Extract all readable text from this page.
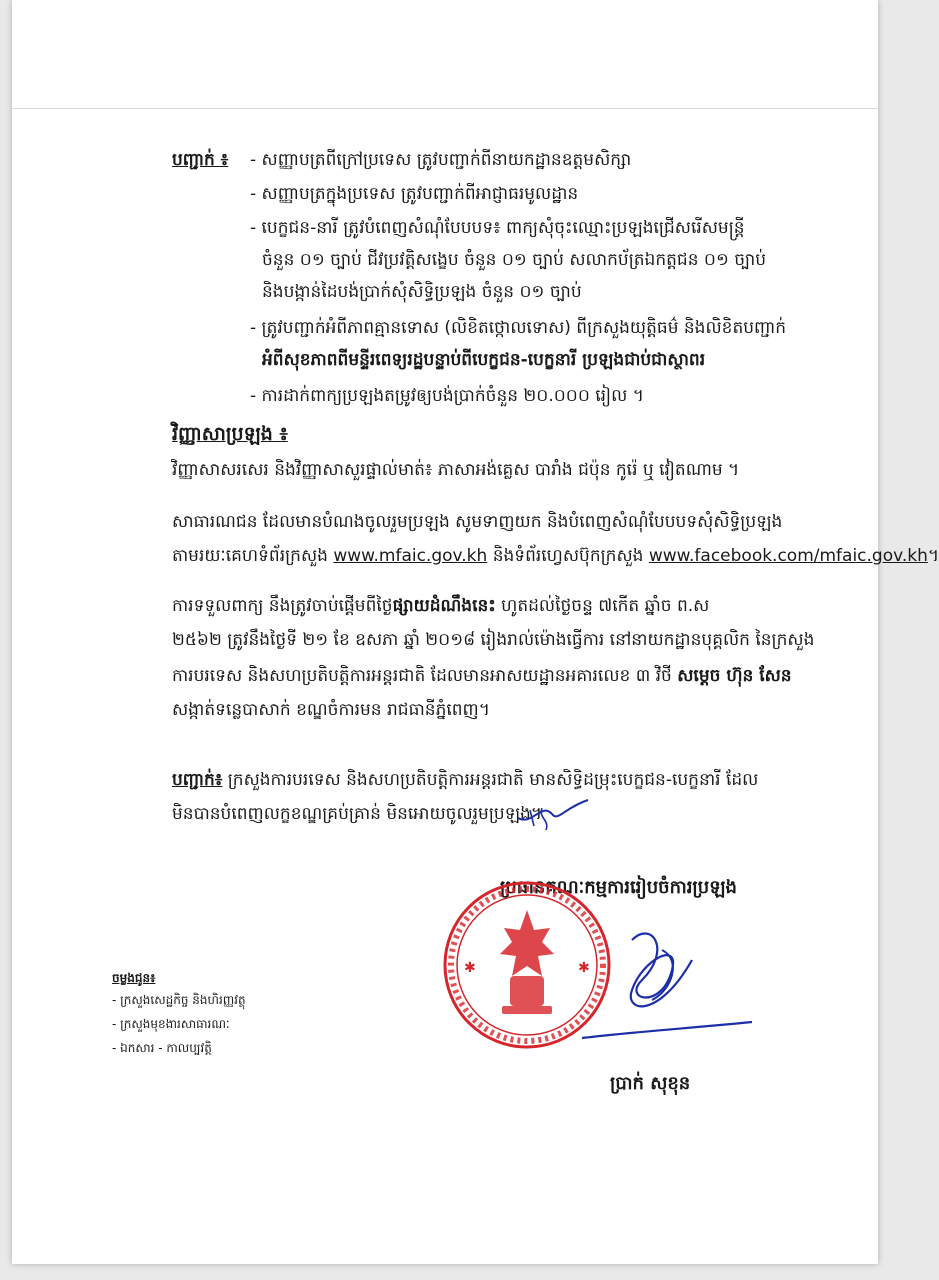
បញ្ជាក់ ៖ - សញ្ញាបត្រពីក្រៅប្រទេស ត្រូវបញ្ជាក់ពីនាយកដ្ឋានឧត្តមសិក្សា
- សញ្ញាបត្រក្នុងប្រទេស ត្រូវបញ្ជាក់ពីអាជ្ញាធរមូលដ្ឋាន
- បេក្ខជន-នារី ត្រូវបំពេញសំណុំបែបបទ៖ ពាក្យសុំចុះឈ្មោះប្រឡងជ្រើសរើសមន្ត្រី
ចំនួន ០១ ច្បាប់ ជីវប្រវត្តិសង្ខេប ចំនួន ០១ ច្បាប់ សលាកប័ត្រឯកត្តជន ០១ ច្បាប់
និងបង្កាន់ដៃបង់ប្រាក់សុំសិទ្ធិប្រឡង ចំនួន ០១ ច្បាប់
- ត្រូវបញ្ជាក់អំពីភាពគ្មានទោស (លិខិតថ្កោលទោស) ពីក្រសួងយុត្តិធម៌ និងលិខិតបញ្ជាក់
អំពីសុខភាពពីមន្ទីរពេទ្យរដ្ឋបន្ទាប់ពីបេក្ខជន-បេក្ខនារី ប្រឡងជាប់ជាស្ថាពរ
- ការដាក់ពាក្យប្រឡងតម្រូវឲ្យបង់ប្រាក់ចំនួន ២០.០០០ រៀល ។
វិញ្ញាសាប្រឡង ៖
វិញ្ញាសាសរសេរ និងវិញ្ញាសាសួរផ្ទាល់មាត់៖ ភាសាអង់គ្លេស បារាំង ជប៉ុន កូរ៉េ ឬ វៀតណាម ។
សាធារណជន ដែលមានបំណងចូលរួមប្រឡង សូមទាញយក និងបំពេញសំណុំបែបបទសុំសិទ្ធិប្រឡង
តាមរយៈគេហទំព័រក្រសួង www.mfaic.gov.kh និងទំព័រហ្វេសប៊ុកក្រសួង www.facebook.com/mfaic.gov.kh។
ការទទួលពាក្យ នឹងត្រូវចាប់ផ្តើមពីថ្ងៃផ្សាយដំណឹងនេះ ហូតដល់ថ្ងៃចន្ទ ៧កើត ឆ្នាំច ព.ស
២៥៦២ ត្រូវនឹងថ្ងៃទី ២១ ខែ ឧសភា ឆ្នាំ ២០១៨ រៀងរាល់ម៉ោងធ្វើការ នៅនាយកដ្ឋានបុគ្គលិក នៃក្រសួង
ការបរទេស និងសហប្រតិបត្តិការអន្តរជាតិ ដែលមានអាសយដ្ឋានអគារលេខ ៣ វិថី សម្តេច ហ៊ុន សែន
សង្កាត់ទន្លេបាសាក់ ខណ្ឌចំការមន រាជធានីភ្នំពេញ។
បញ្ជាក់៖ ក្រសួងការបរទេស និងសហប្រតិបត្តិការអន្តរជាតិ មានសិទ្ធិដម្រុះបេក្ខជន-បេក្ខនារី ដែល
មិនបានបំពេញលក្ខខណ្ឌគ្រប់គ្រាន់ មិនអោយចូលរួមប្រឡង។
ប្រធានគណៈកម្មការរៀបចំការប្រឡង
✱	✱
ប្រាក់ សុខុន
ចម្លងជូន៖
- ក្រសួងសេដ្ឋកិច្ច និងហិរញ្ញវត្ថុ
- ក្រសួងមុខងារសាធារណៈ
- ឯកសារ - កាលប្បវត្តិ
